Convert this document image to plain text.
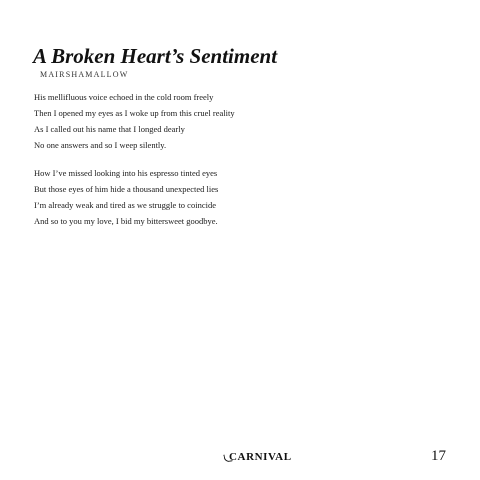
A Broken Heart’s Sentiment
MAIRSHAMALLOW
His mellifluous voice echoed in the cold room freely
Then I opened my eyes as I woke up from this cruel reality
As I called out his name that I longed dearly
No one answers and so I weep silently.
How I’ve missed looking into his espresso tinted eyes
But those eyes of him hide a thousand unexpected lies
I’m already weak and tired as we struggle to coincide
And so to you my love, I bid my bittersweet goodbye.
CARNIVAL	17
